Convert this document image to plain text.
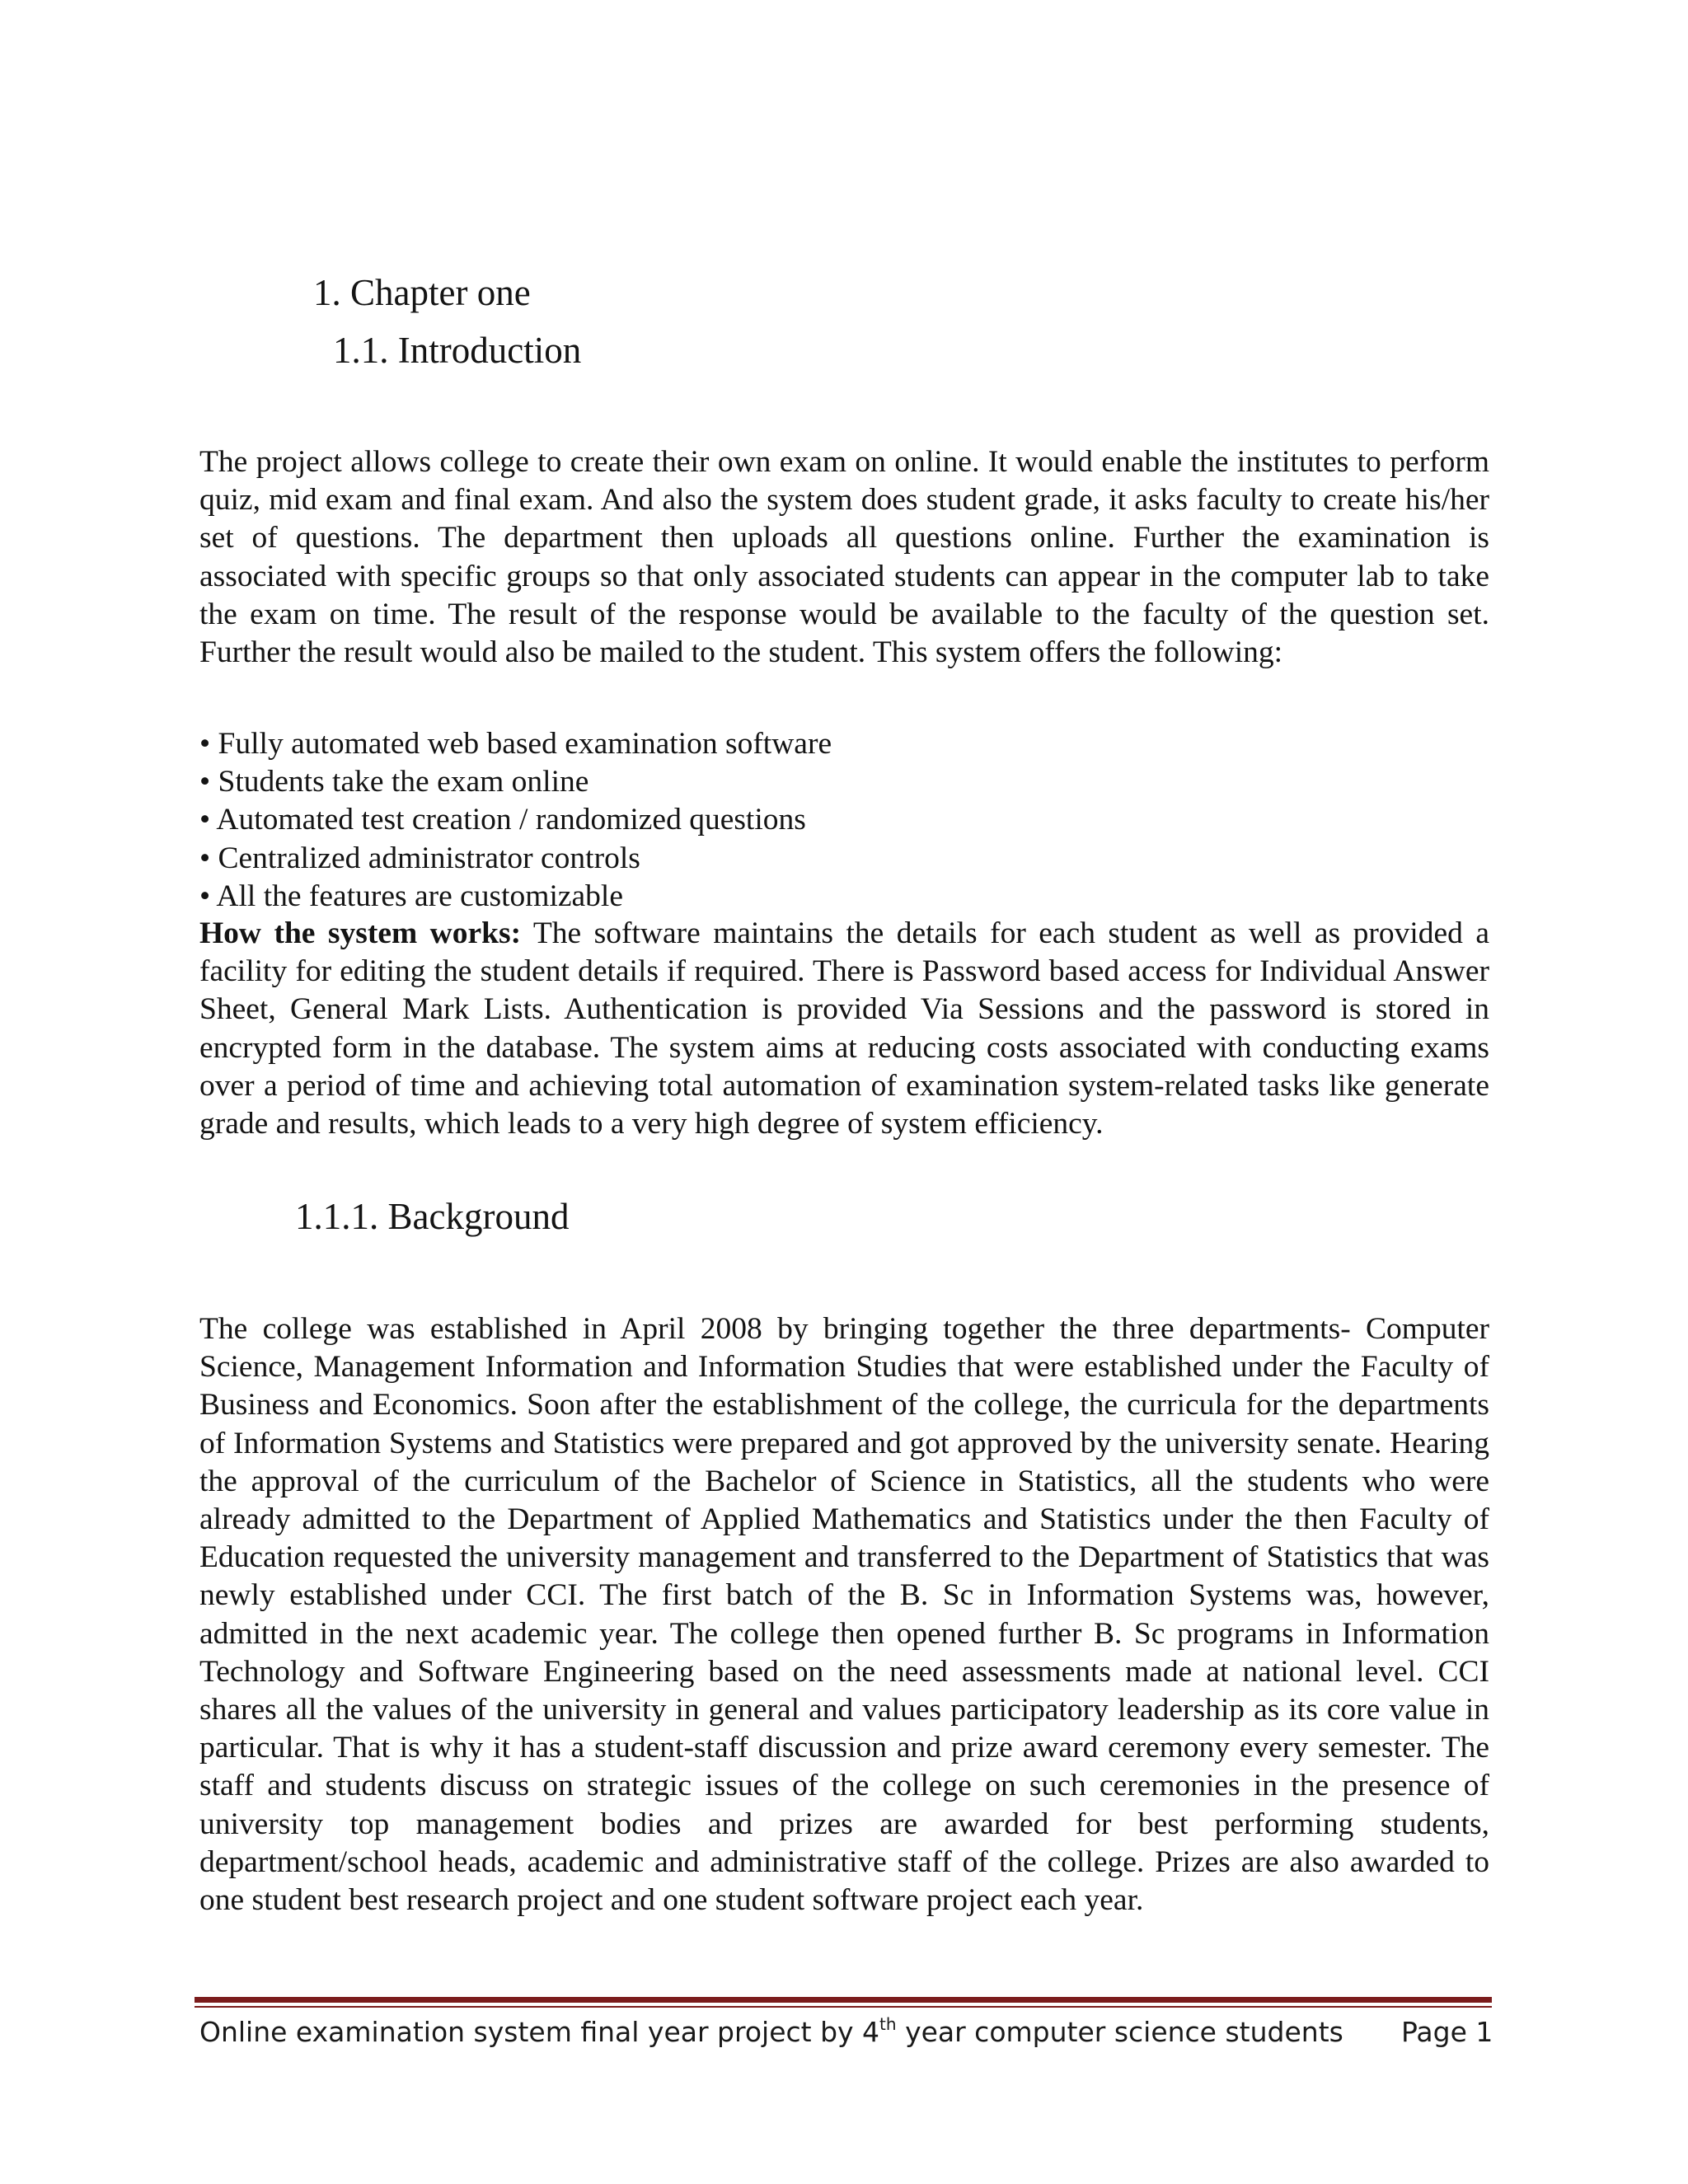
1. Chapter one
1.1. Introduction

The project allows college to create their own exam on online. It would enable the institutes to perform quiz, mid exam and final exam. And also the system does student grade, it asks faculty to create his/her set of questions. The department then uploads all questions online. Further the examination is associated with specific groups so that only associated students can appear in the computer lab to take the exam on time. The result of the response would be available to the faculty of the question set. Further the result would also be mailed to the student. This system offers the following:

• Fully automated web based examination software
• Students take the exam online
• Automated test creation / randomized questions
• Centralized administrator controls
• All the features are customizable

How the system works: The software maintains the details for each student as well as provided a facility for editing the student details if required. There is Password based access for Individual Answer Sheet, General Mark Lists. Authentication is provided Via Sessions and the password is stored in encrypted form in the database. The system aims at reducing costs associated with conducting exams over a period of time and achieving total automation of examination system-related tasks like generate grade and results, which leads to a very high degree of system efficiency.

1.1.1. Background

The college was established in April 2008 by bringing together the three departments- Computer Science, Management Information and Information Studies that were established under the Faculty of Business and Economics. Soon after the establishment of the college, the curricula for the departments of Information Systems and Statistics were prepared and got approved by the university senate. Hearing the approval of the curriculum of the Bachelor of Science in Statistics, all the students who were already admitted to the Department of Applied Mathematics and Statistics under the then Faculty of Education requested the university management and transferred to the Department of Statistics that was newly established under CCI. The first batch of the B. Sc in Information Systems was, however, admitted in the next academic year. The college then opened further B. Sc programs in Information Technology and Software Engineering based on the need assessments made at national level. CCI shares all the values of the university in general and values participatory leadership as its core value in particular. That is why it has a student-staff discussion and prize award ceremony every semester. The staff and students discuss on strategic issues of the college on such ceremonies in the presence of university top management bodies and prizes are awarded for best performing students, department/school heads, academic and administrative staff of the college. Prizes are also awarded to one student best research project and one student software project each year.

Online examination system final year project by 4th year computer science students Page 1
